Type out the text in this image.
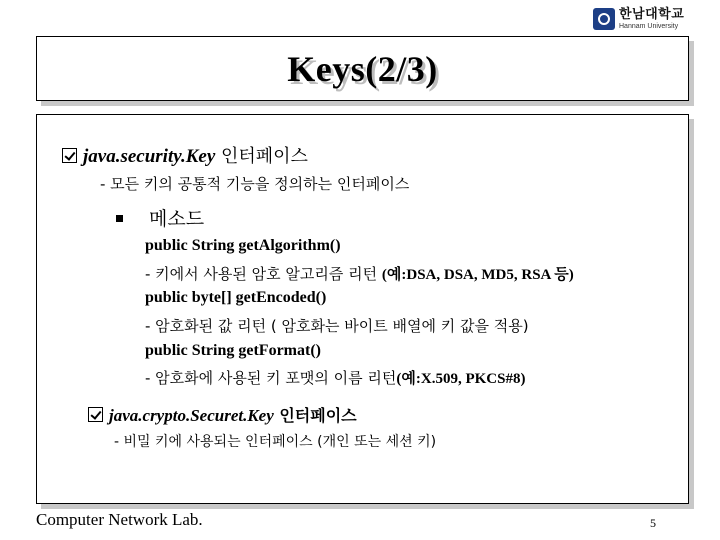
한남대학교
Hannam University
Keys(2/3)
java.security.Key 인터페이스
- 모든 키의 공통적 기능을 정의하는 인터페이스
메소드
public String getAlgorithm()
- 키에서 사용된 암호 알고리즘 리턴 (예:DSA, DSA, MD5, RSA 등)
public byte[] getEncoded()
- 암호화된 값 리턴 ( 암호화는 바이트 배열에 키 값을 적용)
public String getFormat()
- 암호화에 사용된 키 포맷의 이름 리턴(예:X.509, PKCS#8)
java.crypto.Securet.Key 인터페이스
- 비밀 키에 사용되는 인터페이스 (개인 또는 세션 키)
Computer Network Lab.	5
